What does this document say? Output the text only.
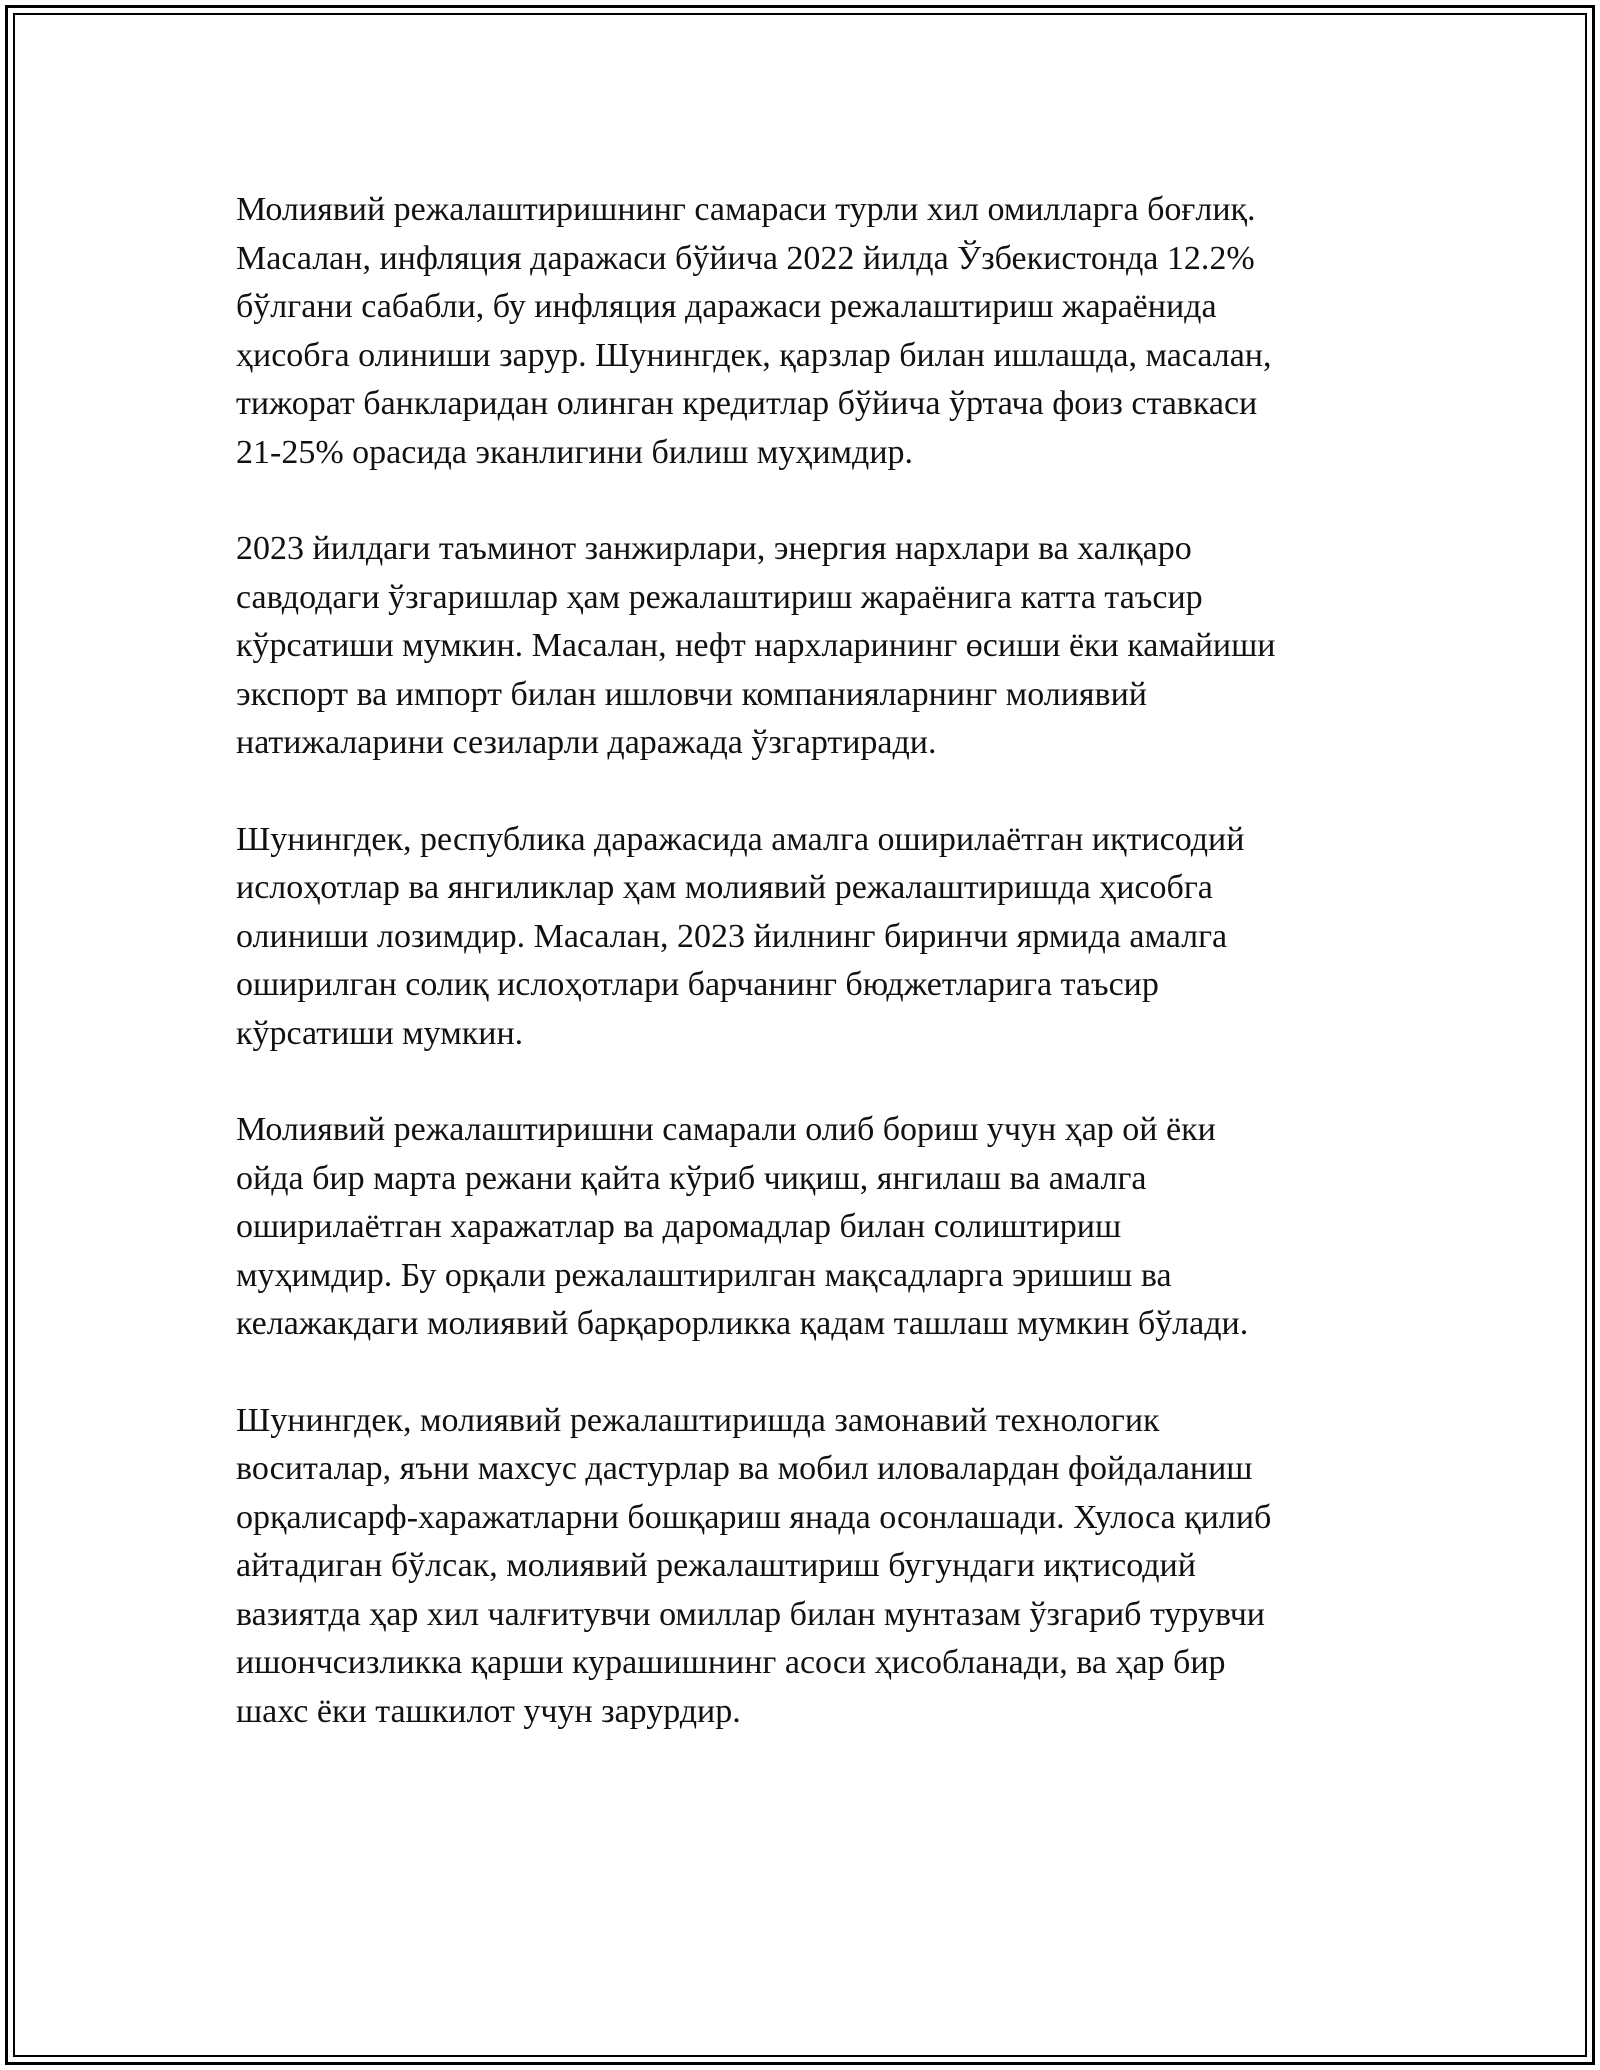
Молиявий режалаштиришнинг самараси турли хил омилларга боғлиқ.
Масалан, инфляция даражаси бўйича 2022 йилда Ўзбекистонда 12.2%
бўлгани сабабли, бу инфляция даражаси режалаштириш жараёнида
ҳисобга олиниши зарур. Шунингдек, қарзлар билан ишлашда, масалан,
тижорат банкларидан олинган кредитлар бўйича ўртача фоиз ставкаси
21-25% орасида эканлигини билиш муҳимдир.

2023 йилдаги таъминот занжирлари, энергия нархлари ва халқаро
савдодаги ўзгаришлар ҳам режалаштириш жараёнига катта таъсир
кўрсатиши мумкин. Масалан, нефт нархларининг өсиши ёки камайиши
экспорт ва импорт билан ишловчи компанияларнинг молиявий
натижаларини сезиларли даражада ўзгартиради.

Шунингдек, республика даражасида амалга оширилаётган иқтисодий
ислоҳотлар ва янгиликлар ҳам молиявий режалаштиришда ҳисобга
олиниши лозимдир. Масалан, 2023 йилнинг биринчи ярмида амалга
оширилган солиқ ислоҳотлари барчанинг бюджетларига таъсир
кўрсатиши мумкин.

Молиявий режалаштиришни самарали олиб бориш учун ҳар ой ёки
ойда бир марта режани қайта кўриб чиқиш, янгилаш ва амалга
оширилаётган харажатлар ва даромадлар билан солиштириш
муҳимдир. Бу орқали режалаштирилган мақсадларга эришиш ва
келажакдаги молиявий барқарорликка қадам ташлаш мумкин бўлади.

Шунингдек, молиявий режалаштиришда замонавий технологик
воситалар, яъни махсус дастурлар ва мобил иловалардан фойдаланиш
орқалисарф-харажатларни бошқариш янада осонлашади. Хулоса қилиб
айтадиган бўлсак, молиявий режалаштириш бугундаги иқтисодий
вазиятда ҳар хил чалғитувчи омиллар билан мунтазам ўзгариб турувчи
ишончсизликка қарши курашишнинг асоси ҳисобланади, ва ҳар бир
шахс ёки ташкилот учун зарурдир.
